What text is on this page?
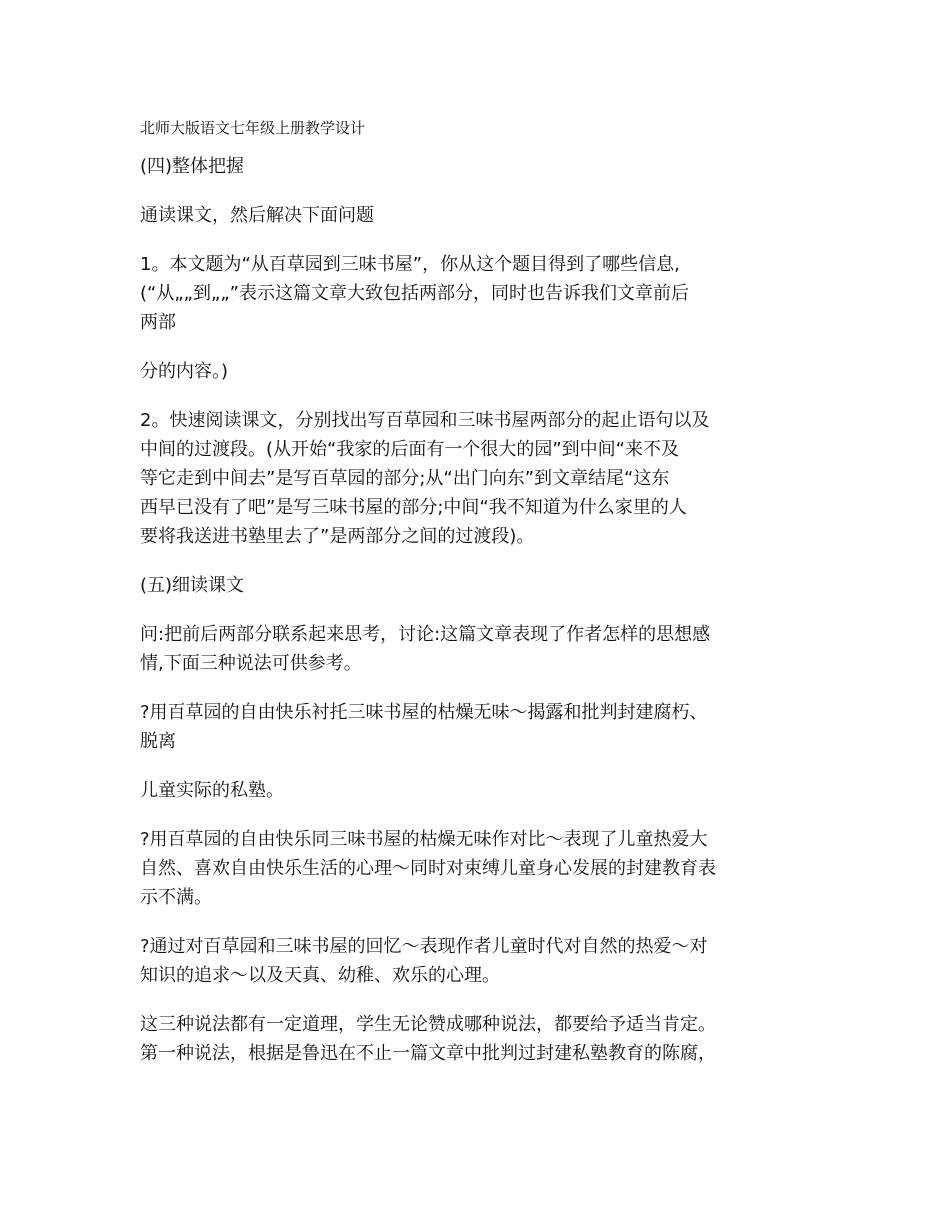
北师大版语文七年级上册教学设计
(四)整体把握
通读课文，然后解决下面问题
1。本文题为“从百草园到三味书屋”，你从这个题目得到了哪些信息,
(“从„„到„„”表示这篇文章大致包括两部分，同时也告诉我们文章前后
两部
分的内容。)
2。快速阅读课文，分别找出写百草园和三味书屋两部分的起止语句以及
中间的过渡段。(从开始“我家的后面有一个很大的园”到中间“来不及
等它走到中间去”是写百草园的部分;从“出门向东”到文章结尾“这东
西早已没有了吧”是写三味书屋的部分;中间“我不知道为什么家里的人
要将我送进书塾里去了”是两部分之间的过渡段)。
(五)细读课文
问:把前后两部分联系起来思考，讨论:这篇文章表现了作者怎样的思想感
情,下面三种说法可供参考。
?用百草园的自由快乐衬托三味书屋的枯燥无味～揭露和批判封建腐朽、
脱离
儿童实际的私塾。
?用百草园的自由快乐同三味书屋的枯燥无味作对比～表现了儿童热爱大
自然、喜欢自由快乐生活的心理～同时对束缚儿童身心发展的封建教育表
示不满。
?通过对百草园和三味书屋的回忆～表现作者儿童时代对自然的热爱～对
知识的追求～以及天真、幼稚、欢乐的心理。
这三种说法都有一定道理，学生无论赞成哪种说法，都要给予适当肯定。
第一种说法，根据是鲁迅在不止一篇文章中批判过封建私塾教育的陈腐，
